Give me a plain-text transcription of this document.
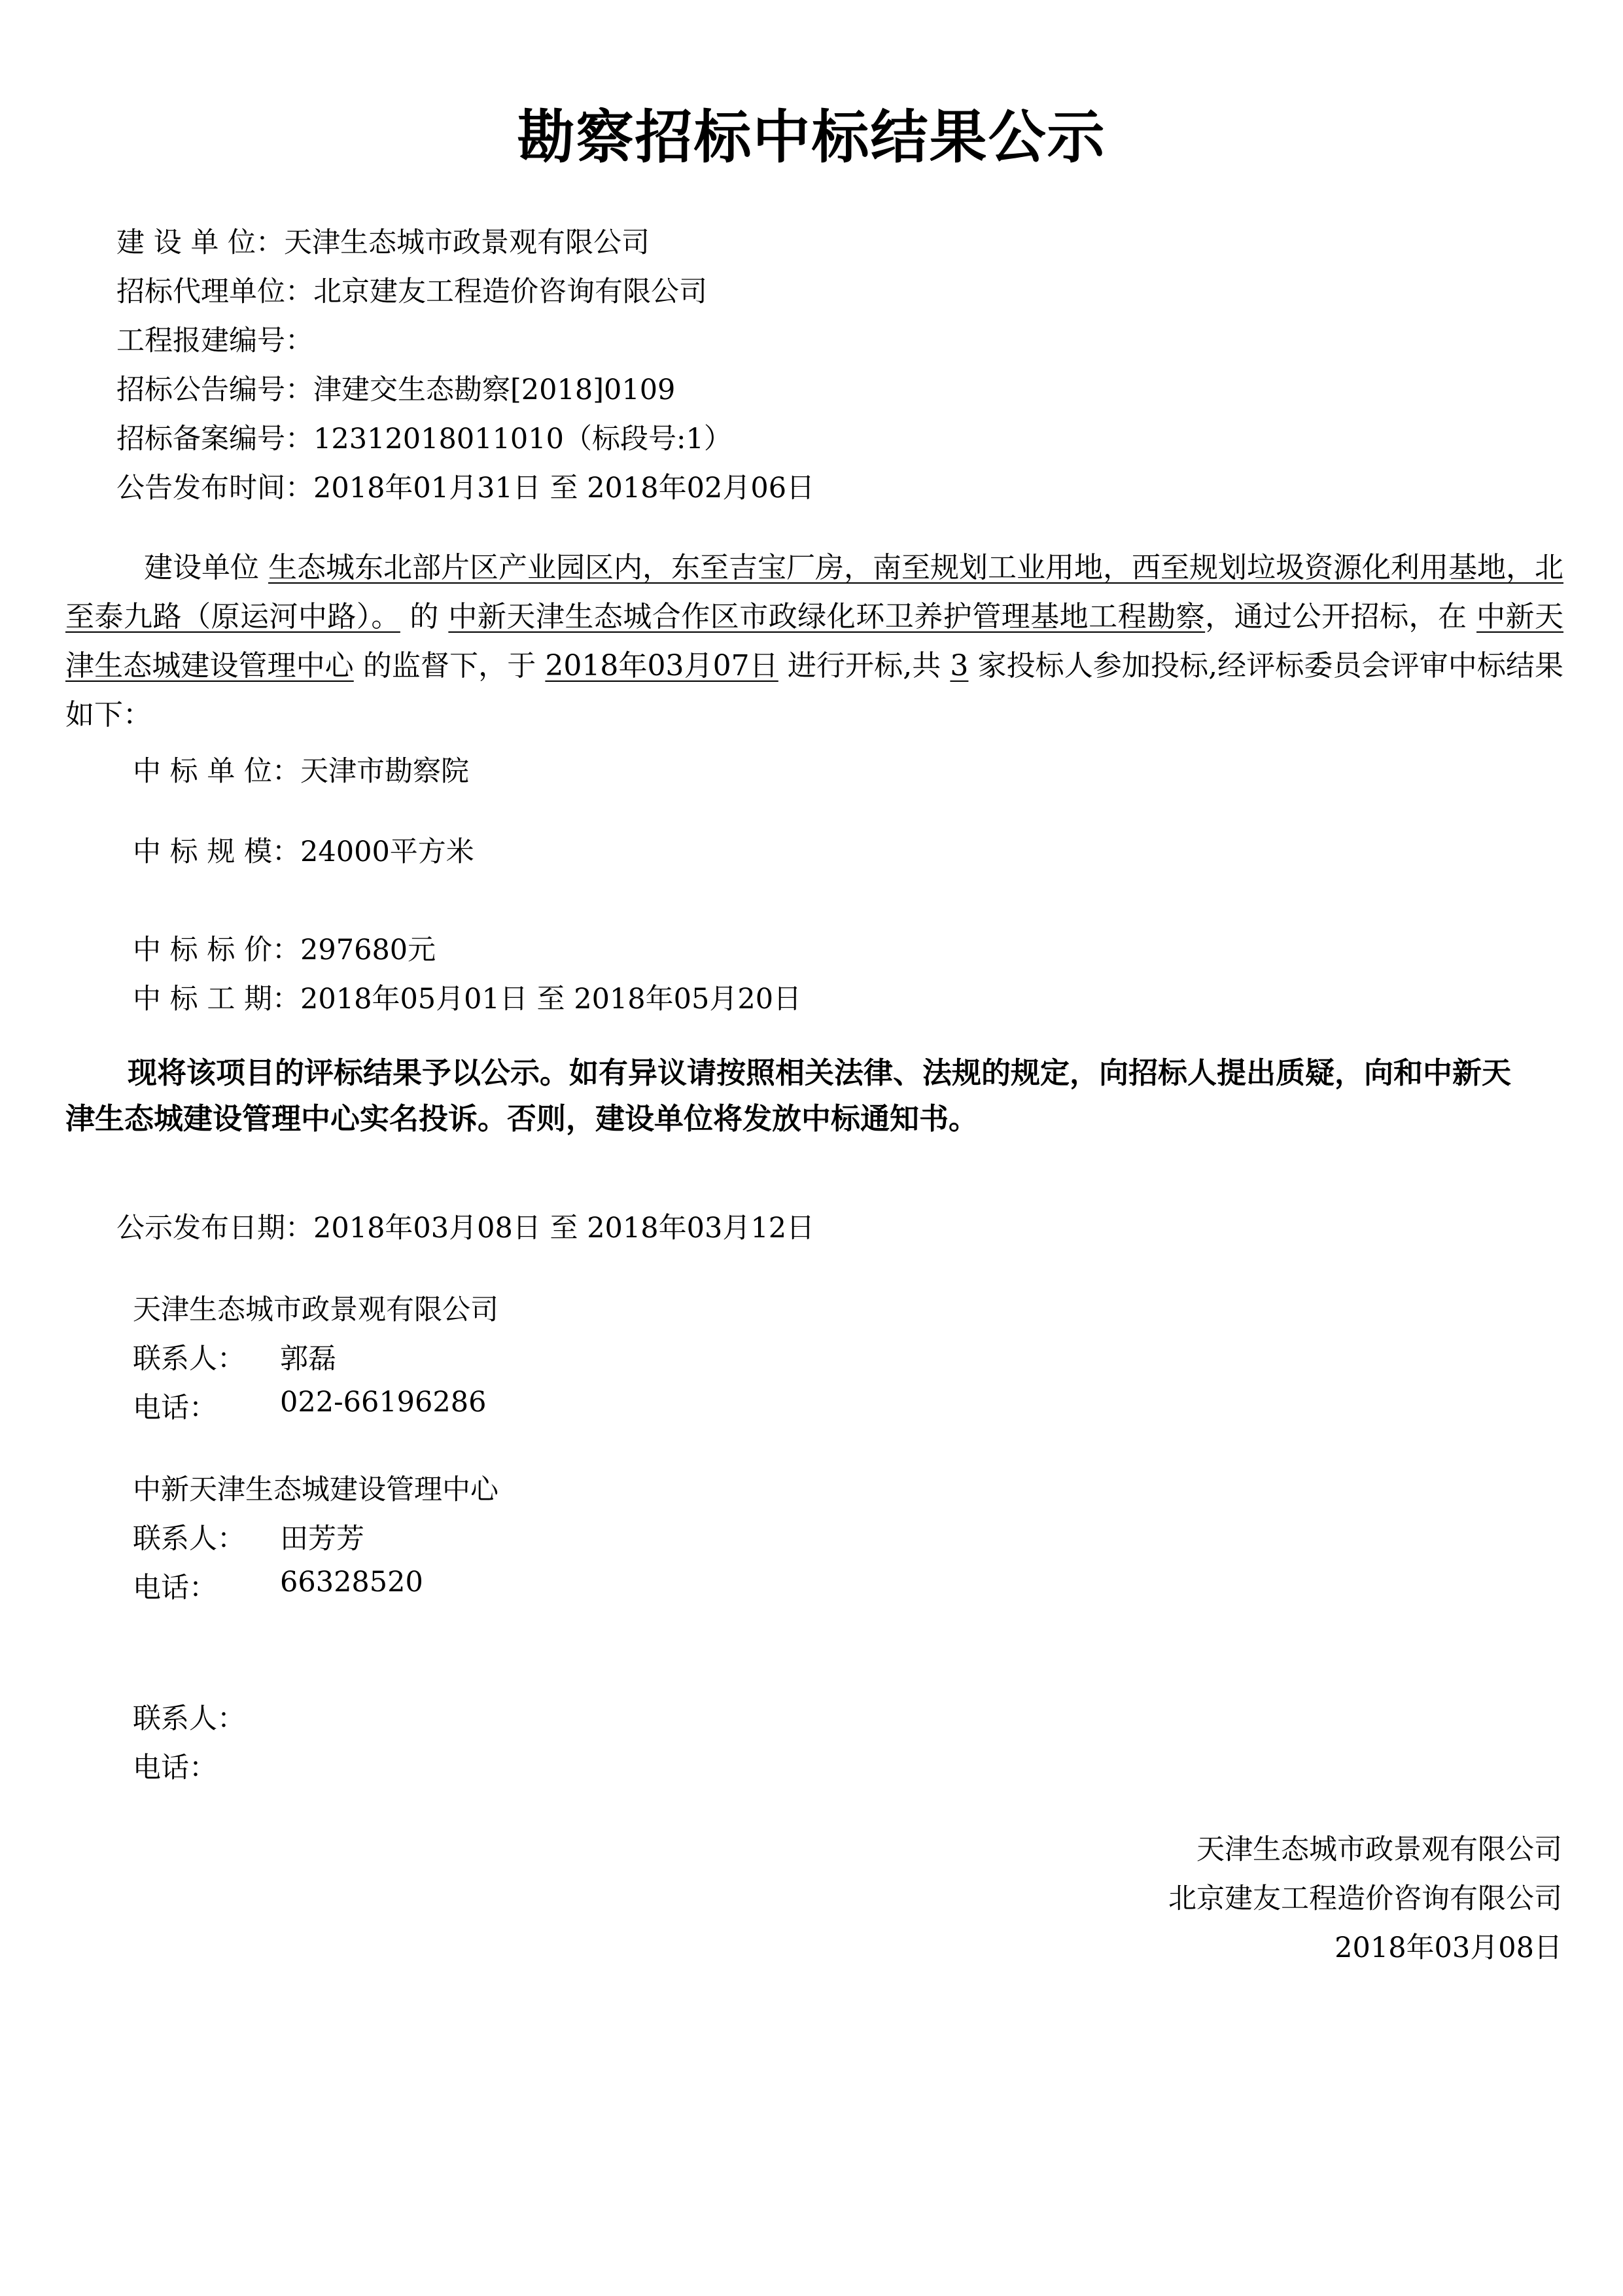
勘察招标中标结果公示
建 设 单 位：天津生态城市政景观有限公司
招标代理单位：北京建友工程造价咨询有限公司
工程报建编号：
招标公告编号：津建交生态勘察[2018]0109
招标备案编号：12312018011010（标段号:1）
公告发布时间：2018年01月31日 至 2018年02月06日
建设单位 生态城东北部片区产业园区内，东至吉宝厂房，南至规划工业用地，西至规划垃圾资源化利用基地，北至泰九路（原运河中路）。 的 中新天津生态城合作区市政绿化环卫养护管理基地工程勘察，通过公开招标，在 中新天津生态城建设管理中心 的监督下，于 2018年03月07日 进行开标,共 3 家投标人参加投标,经评标委员会评审中标结果如下：
中 标 单 位：天津市勘察院
中 标 规 模：24000平方米
中 标 标 价：297680元
中 标 工 期：2018年05月01日 至 2018年05月20日
现将该项目的评标结果予以公示。如有异议请按照相关法律、法规的规定，向招标人提出质疑，向和中新天津生态城建设管理中心实名投诉。否则，建设单位将发放中标通知书。
公示发布日期：2018年03月08日 至 2018年03月12日
天津生态城市政景观有限公司
联系人： 郭磊
电话： 022-66196286
中新天津生态城建设管理中心
联系人： 田芳芳
电话： 66328520
联系人：
电话：
天津生态城市政景观有限公司
北京建友工程造价咨询有限公司
2018年03月08日
